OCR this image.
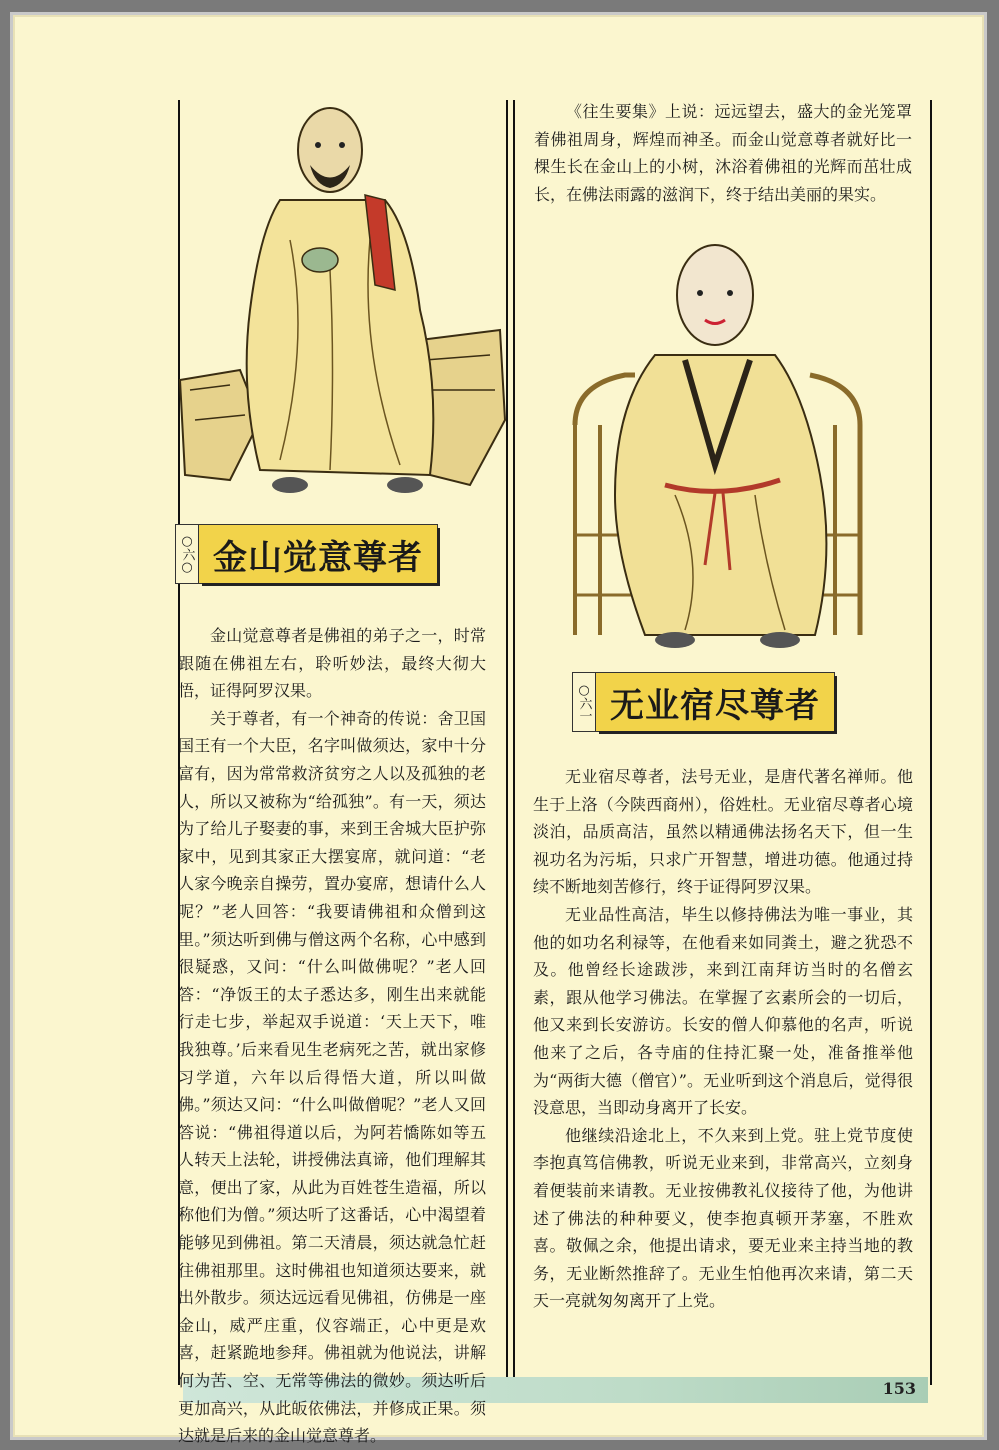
153
○六○ 金山觉意尊者
○六一 无业宿尽尊者

金山觉意尊者是佛祖的弟子之一，时常跟随在佛祖左右，聆听妙法，最终大彻大悟，证得阿罗汉果。

关于尊者，有一个神奇的传说：舍卫国国王有一个大臣，名字叫做须达，家中十分富有，因为常常救济贫穷之人以及孤独的老人，所以又被称为“给孤独”。有一天，须达为了给儿子娶妻的事，来到王舍城大臣护弥家中，见到其家正大摆宴席，就问道：“老人家今晚亲自操劳，置办宴席，想请什么人呢？”老人回答：“我要请佛祖和众僧到这里。”须达听到佛与僧这两个名称，心中感到很疑惑，又问：“什么叫做佛呢？”老人回答：“净饭王的太子悉达多，刚生出来就能行走七步，举起双手说道：‘天上天下，唯我独尊。’后来看见生老病死之苦，就出家修习学道，六年以后得悟大道，所以叫做佛。”须达又问：“什么叫做僧呢？”老人又回答说：“佛祖得道以后，为阿若憍陈如等五人转天上法轮，讲授佛法真谛，他们理解其意，便出了家，从此为百姓苍生造福，所以称他们为僧。”须达听了这番话，心中渴望着能够见到佛祖。第二天清晨，须达就急忙赶往佛祖那里。这时佛祖也知道须达要来，就出外散步。须达远远看见佛祖，仿佛是一座金山，威严庄重，仪容端正，心中更是欢喜，赶紧跪地参拜。佛祖就为他说法，讲解何为苦、空、无常等佛法的微妙。须达听后更加高兴，从此皈依佛法，并修成正果。须达就是后来的金山觉意尊者。

《往生要集》上说：远远望去，盛大的金光笼罩着佛祖周身，辉煌而神圣。而金山觉意尊者就好比一棵生长在金山上的小树，沐浴着佛祖的光辉而茁壮成长，在佛法雨露的滋润下，终于结出美丽的果实。

无业宿尽尊者，法号无业，是唐代著名禅师。他生于上洛（今陕西商州），俗姓杜。无业宿尽尊者心境淡泊，品质高洁，虽然以精通佛法扬名天下，但一生视功名为污垢，只求广开智慧，增进功德。他通过持续不断地刻苦修行，终于证得阿罗汉果。

无业品性高洁，毕生以修持佛法为唯一事业，其他的如功名利禄等，在他看来如同粪土，避之犹恐不及。他曾经长途跋涉，来到江南拜访当时的名僧玄素，跟从他学习佛法。在掌握了玄素所会的一切后，他又来到长安游访。长安的僧人仰慕他的名声，听说他来了之后，各寺庙的住持汇聚一处，准备推举他为“两街大德（僧官）”。无业听到这个消息后，觉得很没意思，当即动身离开了长安。

他继续沿途北上，不久来到上党。驻上党节度使李抱真笃信佛教，听说无业来到，非常高兴，立刻身着便装前来请教。无业按佛教礼仪接待了他，为他讲述了佛法的种种要义，使李抱真顿开茅塞，不胜欢喜。敬佩之余，他提出请求，要无业来主持当地的教务，无业断然推辞了。无业生怕他再次来请，第二天天一亮就匆匆离开了上党。
